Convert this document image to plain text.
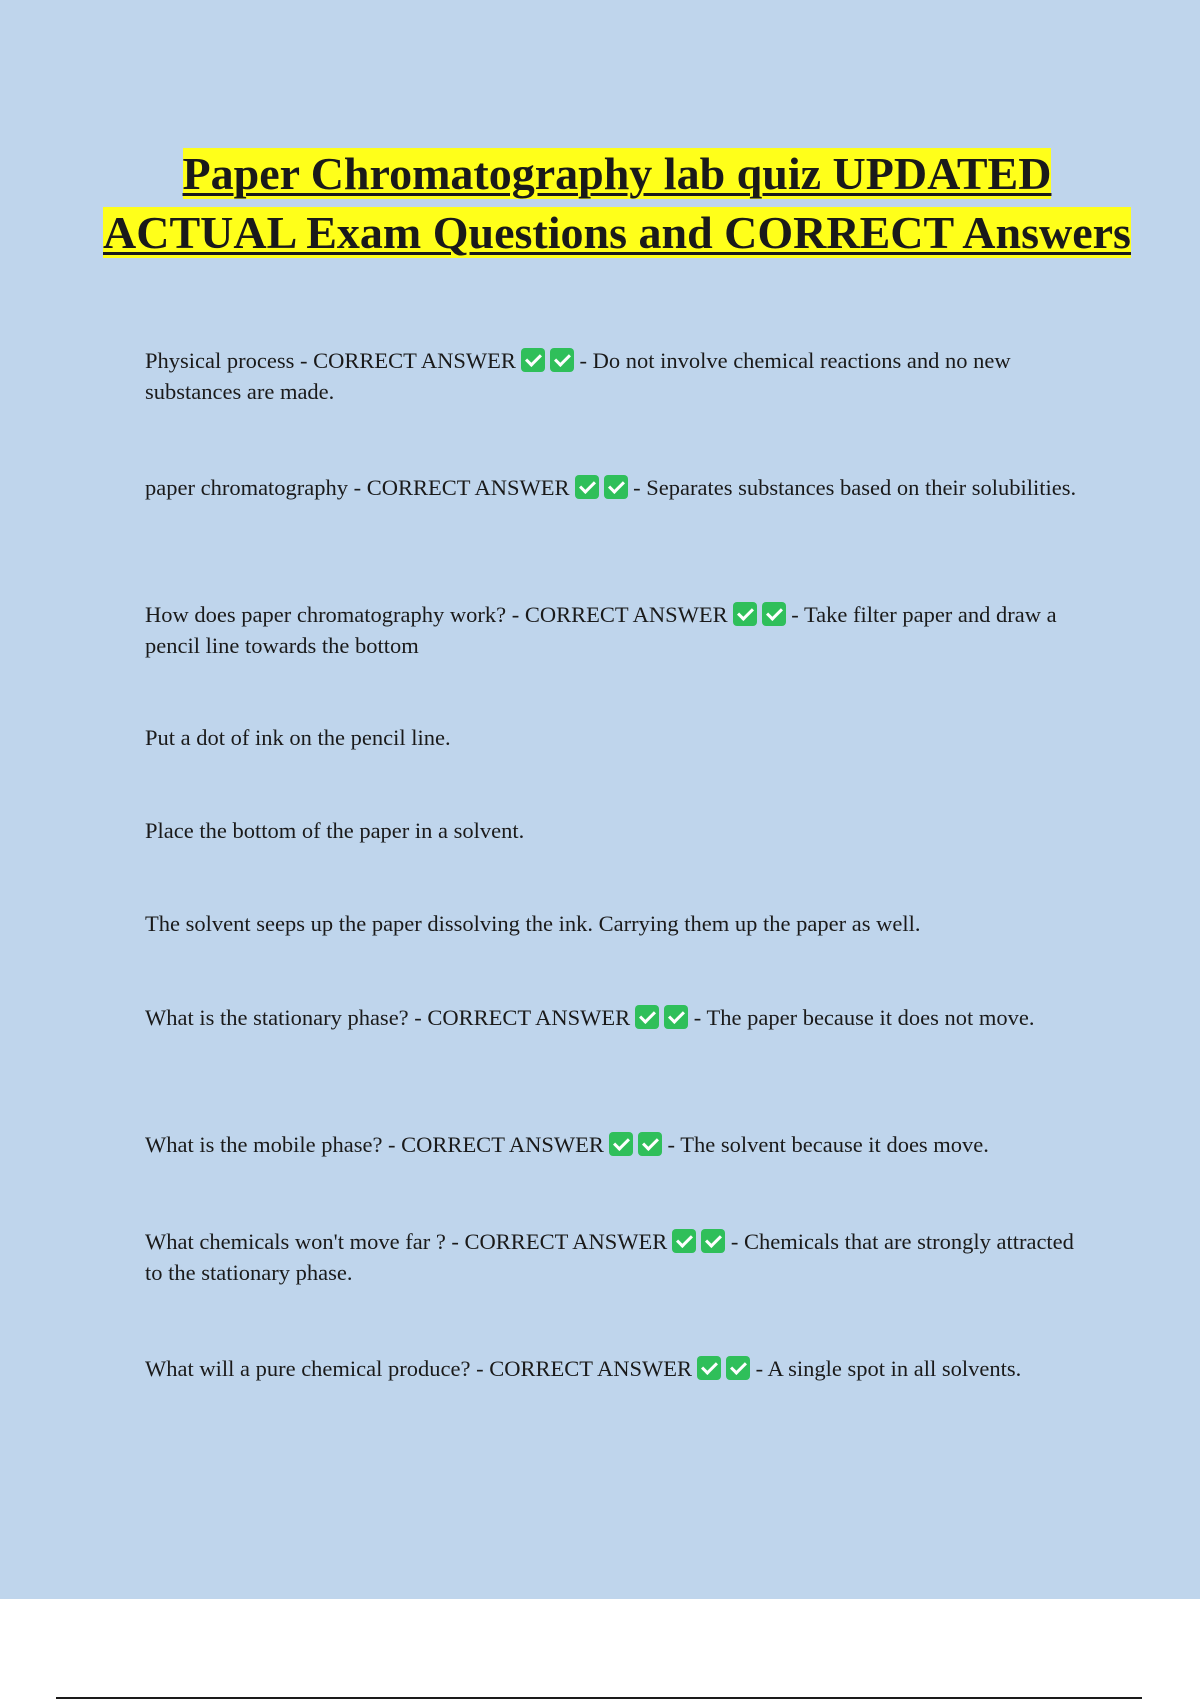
Paper Chromatography lab quiz UPDATED ACTUAL Exam Questions and CORRECT Answers

Physical process - CORRECT ANSWER	- Do not involve chemical reactions and no new substances are made.

paper chromatography - CORRECT ANSWER	- Separates substances based on their solubilities.

How does paper chromatography work? - CORRECT ANSWER	- Take filter paper and draw a pencil line towards the bottom

Put a dot of ink on the pencil line.

Place the bottom of the paper in a solvent.

The solvent seeps up the paper dissolving the ink. Carrying them up the paper as well.

What is the stationary phase? - CORRECT ANSWER	- The paper because it does not move.

What is the mobile phase? - CORRECT ANSWER	- The solvent because it does move.

What chemicals won't move far ? - CORRECT ANSWER	- Chemicals that are strongly attracted to the stationary phase.

What will a pure chemical produce? - CORRECT ANSWER	- A single spot in all solvents.
